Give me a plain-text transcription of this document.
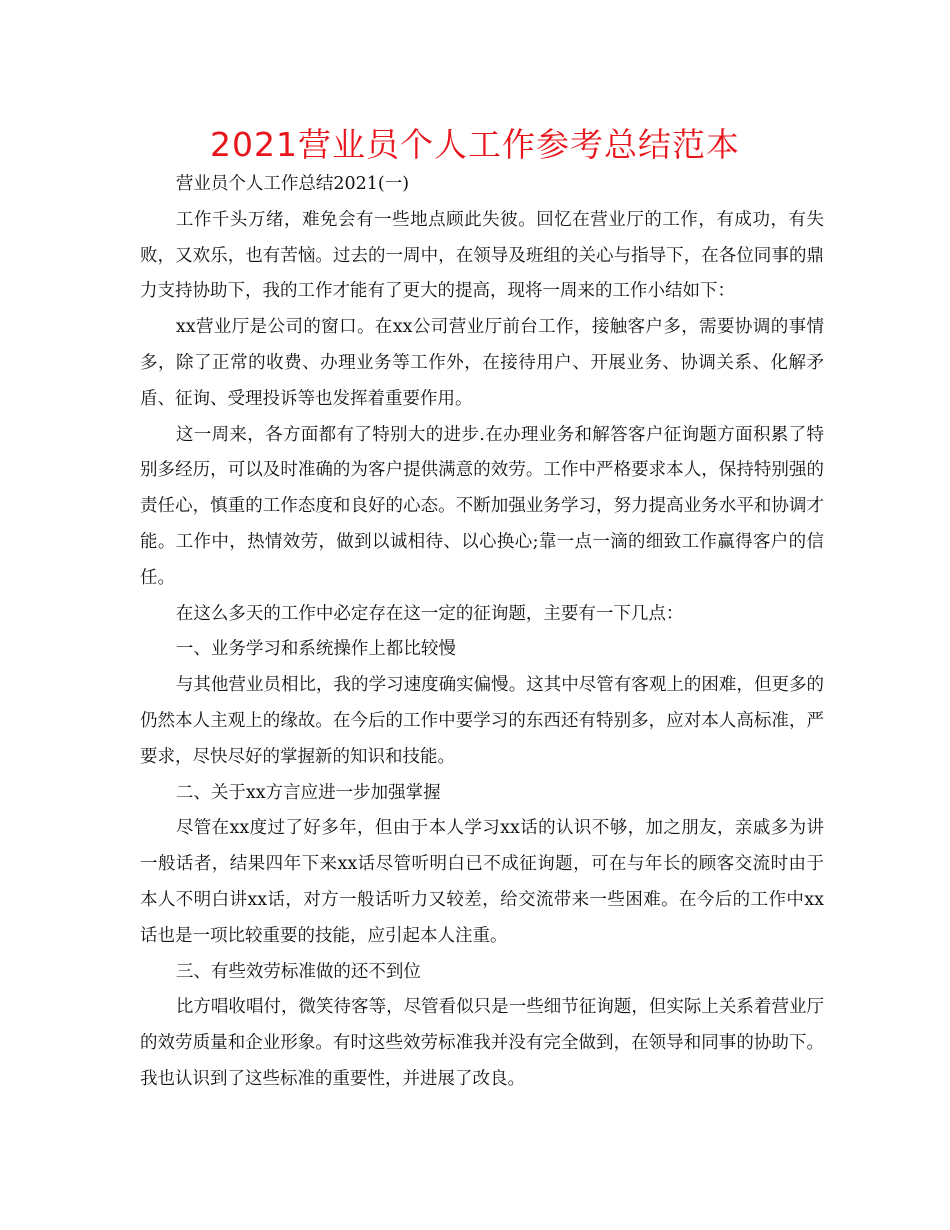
2021营业员个人工作参考总结范本

营业员个人工作总结2021(一)

工作千头万绪，难免会有一些地点顾此失彼。回忆在营业厅的工作，有成功，有失败，又欢乐，也有苦恼。过去的一周中，在领导及班组的关心与指导下，在各位同事的鼎力支持协助下，我的工作才能有了更大的提高，现将一周来的工作小结如下：

xx营业厅是公司的窗口。在xx公司营业厅前台工作，接触客户多，需要协调的事情多，除了正常的收费、办理业务等工作外，在接待用户、开展业务、协调关系、化解矛盾、征询、受理投诉等也发挥着重要作用。

这一周来，各方面都有了特别大的进步.在办理业务和解答客户征询题方面积累了特别多经历，可以及时准确的为客户提供满意的效劳。工作中严格要求本人，保持特别强的责任心，慎重的工作态度和良好的心态。不断加强业务学习，努力提高业务水平和协调才能。工作中，热情效劳，做到以诚相待、以心换心;靠一点一滴的细致工作赢得客户的信任。

在这么多天的工作中必定存在这一定的征询题，主要有一下几点：

一、业务学习和系统操作上都比较慢

与其他营业员相比，我的学习速度确实偏慢。这其中尽管有客观上的困难，但更多的仍然本人主观上的缘故。在今后的工作中要学习的东西还有特别多，应对本人高标准，严要求，尽快尽好的掌握新的知识和技能。

二、关于xx方言应进一步加强掌握

尽管在xx度过了好多年，但由于本人学习xx话的认识不够，加之朋友，亲戚多为讲一般话者，结果四年下来xx话尽管听明白已不成征询题，可在与年长的顾客交流时由于本人不明白讲xx话，对方一般话听力又较差，给交流带来一些困难。在今后的工作中xx话也是一项比较重要的技能，应引起本人注重。

三、有些效劳标准做的还不到位

比方唱收唱付，微笑待客等，尽管看似只是一些细节征询题，但实际上关系着营业厅的效劳质量和企业形象。有时这些效劳标准我并没有完全做到，在领导和同事的协助下。我也认识到了这些标准的重要性，并进展了改良。
